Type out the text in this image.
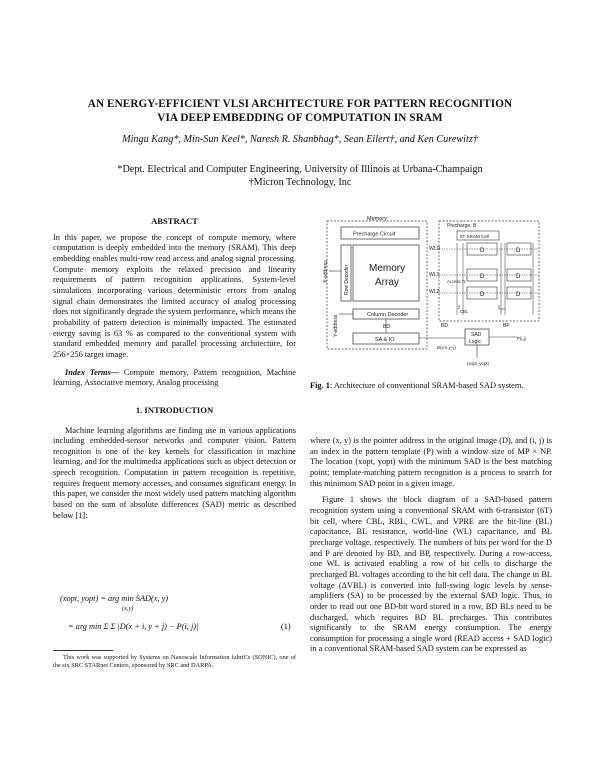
AN ENERGY-EFFICIENT VLSI ARCHITECTURE FOR PATTERN RECOGNITION
VIA DEEP EMBEDDING OF COMPUTATION IN SRAM
Mingu Kang*, Min-Sun Keel*, Naresh R. Shanbhag*, Sean Eilert†, and Ken Curewitz†
*Dept. Electrical and Computer Engineering, University of Illinois at Urbana-Champaign
†Micron Technology, Inc
ABSTRACT
In this paper, we propose the concept of compute memory, where computation is deeply embedded into the memory (SRAM). This deep embedding enables multi-row read access and analog signal processing. Compute memory exploits the relaxed precision and linearity requirements of pattern recognition applications. System-level simulations incorporating various deterministic errors from analog signal chain demonstrates the limited accuracy of analog processing does not significantly degrade the system performance, which means the probability of pattern detection is minimally impacted. The estimated energy saving is 63 % as compared to the conventional system with standard embedded memory and parallel processing architecture, for 256×256 target image.
Index Terms— Compute memory, Pattern recognition, Machine learning, Associative memory, Analog processing
1. INTRODUCTION
Machine learning algorithms are finding use in various applications including embedded-sensor networks and computer vision. Pattern recognition is one of the key kernels for classification in machine learning, and for the multimedia applications such as object detection or speech recognition. Computation in pattern recognition is repetitive, requires frequent memory accesses, and consumes significant energy. In this paper, we consider the most widely used pattern matching algorithm based on the sum of absolute differences (SAD) metric as described below [1]:
(xopt, yopt) = arg min SAD(x, y)
(x,y)
= arg min Σ Σ |D(x + i, y + j) − P(i, j)|	(1)
This work was supported by Systems on Nanoscale Information fabriCs (SONIC), one of the six SRC STARnet Centers, sponsored by SRC and DARPA.
Memory
Precharge Circuit
Memory
Array
Row Decoder
X-address
Column Decoder
Y-address	BD
SA & IO
Precharge, B
6T SRAM Cell
WLD
WL1
WL2
Access Tr.
D	D
D	D
D	D
CBL
BD	BP
SAD
Logic
D(x+i,y+j)
P(i,j)
(xopt, yopt)
Fig. 1: Architecture of conventional SRAM-based SAD system.
where (x, y) is the pointer address in the original image (D), and (i, j) is an index in the pattern template (P) with a window size of MP × NP. The location (xopt, yopt) with the minimum SAD is the best matching point; template-matching pattern recognition is a process to search for this minimum SAD point in a given image.
Figure 1 shows the block diagram of a SAD-based pattern recognition system using a conventional SRAM with 6-transistor (6T) bit cell, where CBL, RBL, CWL, and VPRE are the bit-line (BL) capacitance, BL resistance, world-line (WL) capacitance, and BL precharge voltage, respectively. The numbers of bits per word for the D and P are denoted by BD, and BP, respectively. During a row-access, one WL is activated enabling a row of bit cells to discharge the precharged BL voltages according to the bit cell data. The change in BL voltage (ΔVBL) is converted into full-swing logic levels by sense-amplifiers (SA) to be processed by the external SAD logic. Thus, in order to read out one BD-bit word stored in a row, BD BLs need to be discharged, which requires BD BL precharges. This contributes significantly to the SRAM energy consumption. The energy consumption for processing a single word (READ access + SAD logic) in a conventional SRAM-based SAD system can be expressed as
